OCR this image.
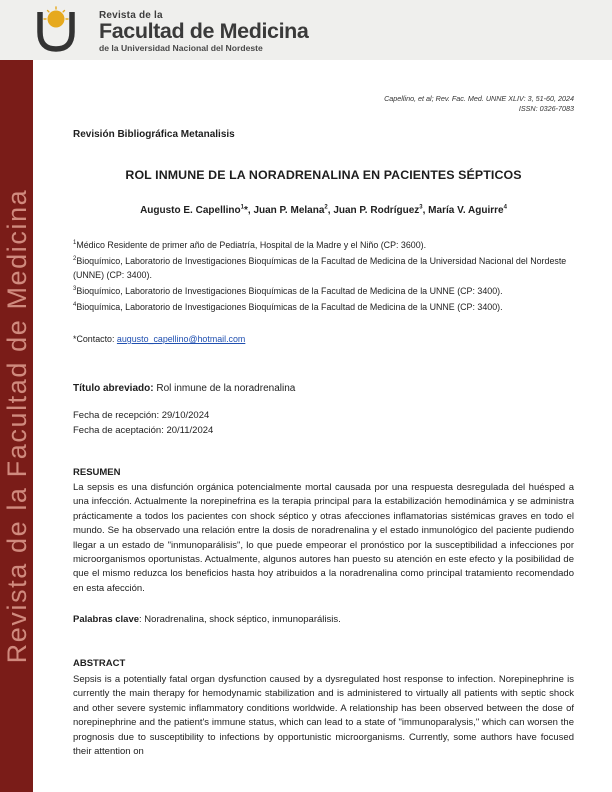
Revista de la
Facultad de Medicina
de la Universidad Nacional del Nordeste
Revista de la Facultad de Medicina
Capellino, et al; Rev. Fac. Med. UNNE XLIV: 3, 51-60, 2024
ISSN: 0326-7083
Revisión Bibliográfica Metanalisis
ROL INMUNE DE LA NORADRENALINA EN PACIENTES SÉPTICOS
Augusto E. Capellino$^1$*, Juan P. Melana$^2$, Juan P. Rodríguez$^3$, María V. Aguirre$^4$

$^1$Médico Residente de primer año de Pediatría, Hospital de la Madre y el Niño (CP: 3600).

$^2$Bioquímico, Laboratorio de Investigaciones Bioquímicas de la Facultad de Medicina de la Universidad Nacional del Nordeste (UNNE) (CP: 3400).

$^3$Bioquímico, Laboratorio de Investigaciones Bioquímicas de la Facultad de Medicina de la UNNE (CP: 3400).

$^4$Bioquímica, Laboratorio de Investigaciones Bioquímicas de la Facultad de Medicina de la UNNE (CP: 3400).

*Contacto: augusto_capellino@hotmail.com
Título abreviado: Rol inmune de la noradrenalina
Fecha de recepción: 29/10/2024
Fecha de aceptación: 20/11/2024
RESUMEN
La sepsis es una disfunción orgánica potencialmente mortal causada por una respuesta desregulada del huésped a una infección. Actualmente la norepinefrina es la terapia principal para la estabilización hemodinámica y se administra prácticamente a todos los pacientes con shock séptico y otras afecciones inflamatorias sistémicas graves en todo el mundo. Se ha observado una relación entre la dosis de noradrenalina y el estado inmunológico del paciente pudiendo llegar a un estado de "inmunoparálisis", lo que puede empeorar el pronóstico por la susceptibilidad a infecciones por microorganismos oportunistas. Actualmente, algunos autores han puesto su atención en este efecto y la posibilidad de que el mismo reduzca los beneficios hasta hoy atribuidos a la noradrenalina como principal tratamiento recomendado en esta afección.
Palabras clave: Noradrenalina, shock séptico, inmunoparálisis.
ABSTRACT
Sepsis is a potentially fatal organ dysfunction caused by a dysregulated host response to infection. Norepinephrine is currently the main therapy for hemodynamic stabilization and is administered to virtually all patients with septic shock and other severe systemic inflammatory conditions worldwide. A relationship has been observed between the dose of norepinephrine and the patient's immune status, which can lead to a state of "immunoparalysis," which can worsen the prognosis due to susceptibility to infections by opportunistic microorganisms. Currently, some authors have focused their attention on
